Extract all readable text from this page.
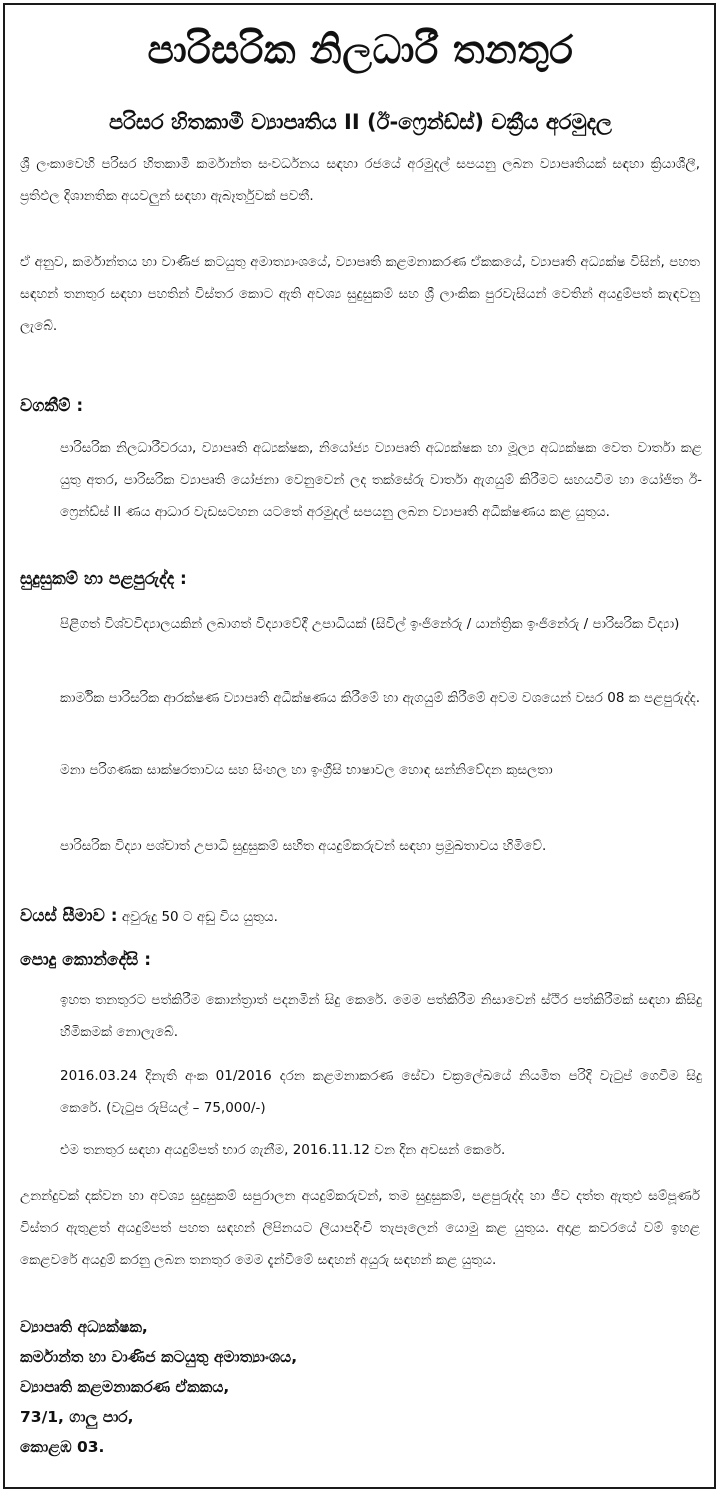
පාරිසරික නිලධාරී තනතුර
පරිසර හිතකාමී ව්‍යාපෘතිය II (ඊ-ෆ්‍රෙන්ඩ්ස්) චක්‍රීය අරමුදල
ශ්‍රී ලංකාවෙහි පරිසර හිතකාමී කර්මාන්ත සංවර්ධනය සඳහා රජයේ අරමුදල් සපයනු ලබන ව්‍යාපෘතියක් සඳහා ක්‍රියාශීලී, ප්‍රතිඵල දිශානතික අයවලුන් සඳහා ඇබෑර්තුවක් පවතී.
ඒ අනුව, කර්මාන්තය හා වාණිජ කටයුතු අමාත්‍යාංශයේ, ව්‍යාපෘති කළමනාකරණ ඒකකයේ, ව්‍යාපෘති අධ්‍යක්ෂ විසින්, පහත සඳහන් තනතුර සඳහා පහතින් විස්තර කොට ඇති අවශ්‍ය සුදුසුකම් සහ ශ්‍රී ලාංකික පුරවැසියන් වෙතින් අයදුම්පත් කැඳවනු ලැබේ.
වගකීම් :
පාරිසරික නිලධාරීවරයා, ව්‍යාපෘති අධ්‍යක්ෂක, නියෝජ්‍ය ව්‍යාපෘති අධ්‍යක්ෂක හා මූල්‍ය අධ්‍යක්ෂක වෙත වාර්තා කළ යුතු අතර, පාරිසරික ව්‍යාපෘති යෝජනා වෙනුවෙන් ලද තක්සේරු වාර්තා ඇගයුම් කිරීමට සහයවීම හා යෝජිත ඊ-ෆ්‍රෙන්ඩ්ස් II ණය ආධාර වැඩසටහන යටතේ අරමුදල් සපයනු ලබන ව්‍යාපෘති අධීක්ෂණය කළ යුතුය.
සුදුසුකම් හා පළපුරුද්ද :
පිළිගත් විශ්වවිද්‍යාලයකින් ලබාගත් විද්‍යාවේදී උපාධියක් (සිවිල් ඉංජිනේරු / යාන්ත්‍රික ඉංජිනේරු / පාරිසරික විද්‍යා)
කාර්මික පාරිසරික ආරක්ෂණ ව්‍යාපෘති අධීක්ෂණය කිරීමේ හා ඇගයුම් කිරීමේ අවම වශයෙන් වසර 08 ක පළපුරුද්ද.
මනා පරිගණක සාක්ෂරතාවය සහ සිංහල හා ඉංග්‍රීසි භාෂාවල හොඳ සන්නිවේදන කුසලතා
පාරිසරික විද්‍යා පශ්චාත් උපාධි සුදුසුකම් සහිත අයදුම්කරුවන් සඳහා ප්‍රමුඛතාවය හිමිවේ.
වයස් සීමාව : අවුරුදු 50 ට අඩු විය යුතුය.
පොදු කොන්දේසි :
ඉහත තනතුරට පත්කිරීම කොන්ත්‍රාත් පදනමින් සිදු කෙරේ. මෙම පත්කිරීම නිසාවෙන් ස්ථිර පත්කිරීමක් සඳහා කිසිදු හිමිකමක් නොලැබේ.
2016.03.24 දිනැති අංක 01/2016 දරන කළමනාකරණ සේවා චක්‍රලේඛයේ නියමිත පරිදි වැටුප් ගෙවීම සිදු කෙරේ. (වැටුප රුපියල් – 75,000/-)
එම තනතුර සඳහා අයදුම්පත් භාර ගැනීම, 2016.11.12 වන දින අවසන් කෙරේ.
උනන්දුවක් දක්වන හා අවශ්‍ය සුදුසුකම් සපුරාලන අයදුම්කරුවන්, තම සුදුසුකම්, පළපුරුද්ද හා ජීව දත්ත ඇතුළු සම්පූර්ණ විස්තර ඇතුළත් අයදුම්පත් පහත සඳහන් ලිපිනයට ලියාපදිංචි තැපෑලෙන් යොමු කළ යුතුය. අදාළ කවරයේ වම් ඉහළ කෙළවරේ අයදුම් කරනු ලබන තනතුර මෙම දැන්වීමේ සඳහන් අයුරු සඳහන් කළ යුතුය.
ව්‍යාපෘති අධ්‍යක්ෂක,
කර්මාන්ත හා වාණිජ කටයුතු අමාත්‍යාංශය,
ව්‍යාපෘති කළමනාකරණ ඒකකය,
73/1, ගාලු පාර,
කොළඹ 03.
